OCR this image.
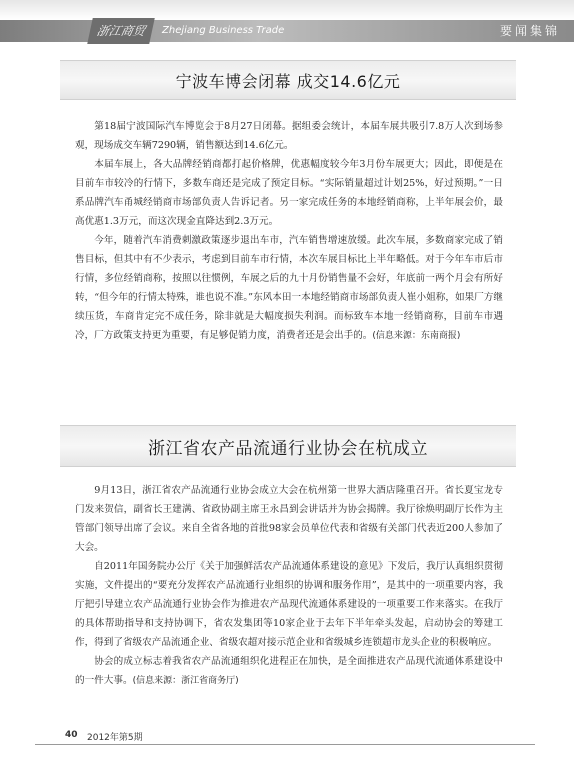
浙江商贸	Zhejiang Business Trade	要闻集锦
宁波车博会闭幕 成交14.6亿元

第18届宁波国际汽车博览会于8月27日闭幕。据组委会统计，本届车展共吸引7.8万人次到场参观，现场成交车辆7290辆，销售额达到14.6亿元。

本届车展上，各大品牌经销商都打起价格牌，优惠幅度较今年3月份车展更大；因此，即便是在目前车市较冷的行情下，多数车商还是完成了预定目标。“实际销量超过计划25%，好过预期。”一日系品牌汽车甬城经销商市场部负责人告诉记者。另一家完成任务的本地经销商称，上半年展会价，最高优惠1.3万元，而这次现金直降达到2.3万元。

今年，随着汽车消费刺激政策逐步退出车市，汽车销售增速放缓。此次车展，多数商家完成了销售目标，但其中有不少表示，考虑到目前车市行情，本次车展目标比上半年略低。对于今年车市后市行情，多位经销商称，按照以往惯例，车展之后的九十月份销售量不会好，年底前一两个月会有所好转，“但今年的行情太特殊，谁也说不准。”东风本田一本地经销商市场部负责人崔小姐称，如果厂方继续压货，车商肯定完不成任务，除非就是大幅度损失利润。而标致车本地一经销商称，目前车市遇冷，厂方政策支持更为重要，有足够促销力度，消费者还是会出手的。(信息来源：东南商报)

浙江省农产品流通行业协会在杭成立

9月13日，浙江省农产品流通行业协会成立大会在杭州第一世界大酒店隆重召开。省长夏宝龙专门发来贺信，副省长王建满、省政协副主席王永昌到会讲话并为协会揭牌。我厅徐焕明副厅长作为主管部门领导出席了会议。来自全省各地的首批98家会员单位代表和省级有关部门代表近200人参加了大会。

自2011年国务院办公厅《关于加强鲜活农产品流通体系建设的意见》下发后，我厅认真组织贯彻实施，文件提出的“要充分发挥农产品流通行业组织的协调和服务作用”，是其中的一项重要内容，我厅把引导建立农产品流通行业协会作为推进农产品现代流通体系建设的一项重要工作来落实。在我厅的具体帮助指导和支持协调下，省农发集团等10家企业于去年下半年牵头发起，启动协会的筹建工作，得到了省级农产品流通企业、省级农超对接示范企业和省级城乡连锁超市龙头企业的积极响应。

协会的成立标志着我省农产品流通组织化进程正在加快，是全面推进农产品现代流通体系建设中的一件大事。(信息来源：浙江省商务厅)

40 2012年第5期
